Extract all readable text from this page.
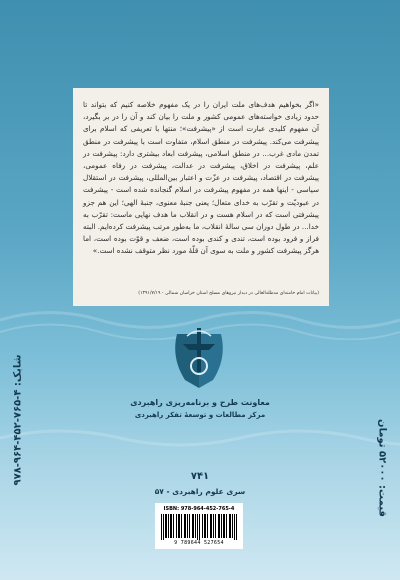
«اگر بخواهیم هدف‌های ملت ایران را در یک مفهوم خلاصه کنیم که بتواند تا حدود زیادی خواسته‌های عمومی کشور و ملت را بیان کند و آن را در بر بگیرد، آن مفهوم کلیدی عبارت است از «پیشرفت»؛ منتها با تعریفی که اسلام برای پیشرفت می‌کند. پیشرفت در منطق اسلام، متفاوت است با پیشرفت در منطق تمدن مادی غرب... در منطق اسلامی، پیشرفت ابعاد بیشتری دارد: پیشرفت در علم، پیشرفت در اخلاق، پیشرفت در عدالت، پیشرفت در رفاه عمومی، پیشرفت در اقتصاد، پیشرفت در عزّت و اعتبار بین‌المللی، پیشرفت در استقلال سیاسی - اینها همه در مفهوم پیشرفت در اسلام گنجانده شده است - پیشرفت در عبودیّت و تقرّب به خدای متعال؛ یعنی جنبهٔ معنوی، جنبهٔ الهی؛ این هم جزو پیشرفتی است که در اسلام هست و در انقلاب ما هدف نهایی ماست: تقرّب به خدا... در طول دوران سی سالهٔ انقلاب، ما به‌طور مرتب پیشرفت کرده‌ایم. البته فراز و فرود بوده است، تندی و کندی بوده است، ضعف و قوّت بوده است، اما هرگز پیشرفت کشور و ملت به سوی آن قلّهٔ مورد نظر متوقف نشده است.»

(بیانات امام خامنه‌ای مدظله‌العالی در دیدار نیروهای مسلح استان خراسان شمالی - ۱۳۹۱/۷/۱۹)
معاونت طرح و برنامه‌ریزی راهبردی
مرکز مطالعات و توسعهٔ تفکر راهبردی
۷۴۱
سری علوم راهبردی - ۵۷
ISBN: 978-964-452-765-4
9 789644 527654
شابک: ۴-۷۶۵-۴۵۲-۹۶۴-۹۷۸
قیمت: ۵۲۰۰۰ تومان
